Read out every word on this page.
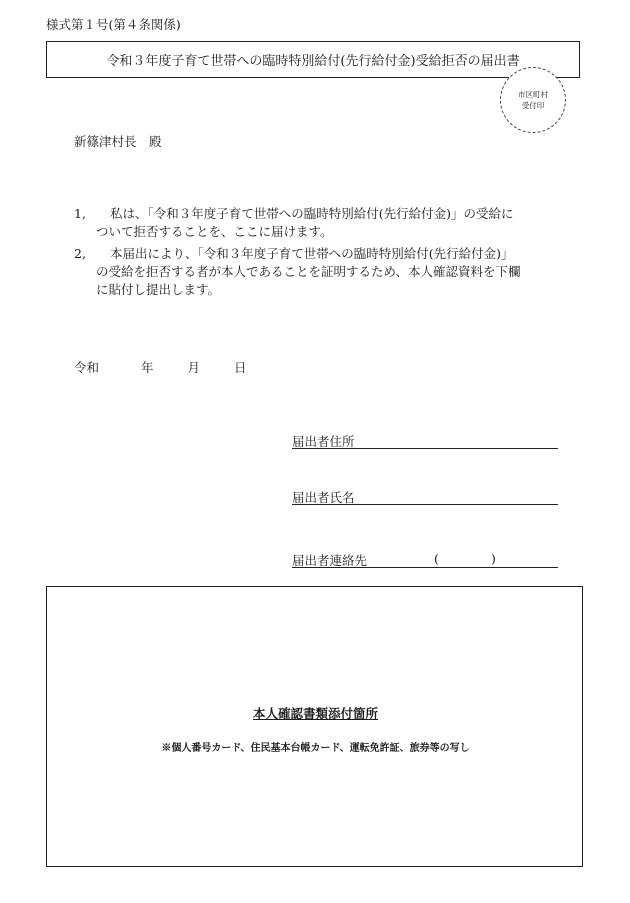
様式第１号(第４条関係)
令和３年度子育て世帯への臨時特別給付(先行給付金)受給拒否の届出書
市区町村
受付印
新篠津村長　殿
1, 私は、「令和３年度子育て世帯への臨時特別給付(先行給付金)」の受給に
ついて拒否することを、ここに届けます。
2, 本届出により、「令和３年度子育て世帯への臨時特別給付(先行給付金)」
の受給を拒否する者が本人であることを証明するため、本人確認資料を下欄
に貼付し提出します。
令和	年	月	日
届出者住所
届出者氏名
届出者連絡先	(	)
本人確認書類添付箇所
※個人番号カード、住民基本台帳カード、運転免許証、旅券等の写し
